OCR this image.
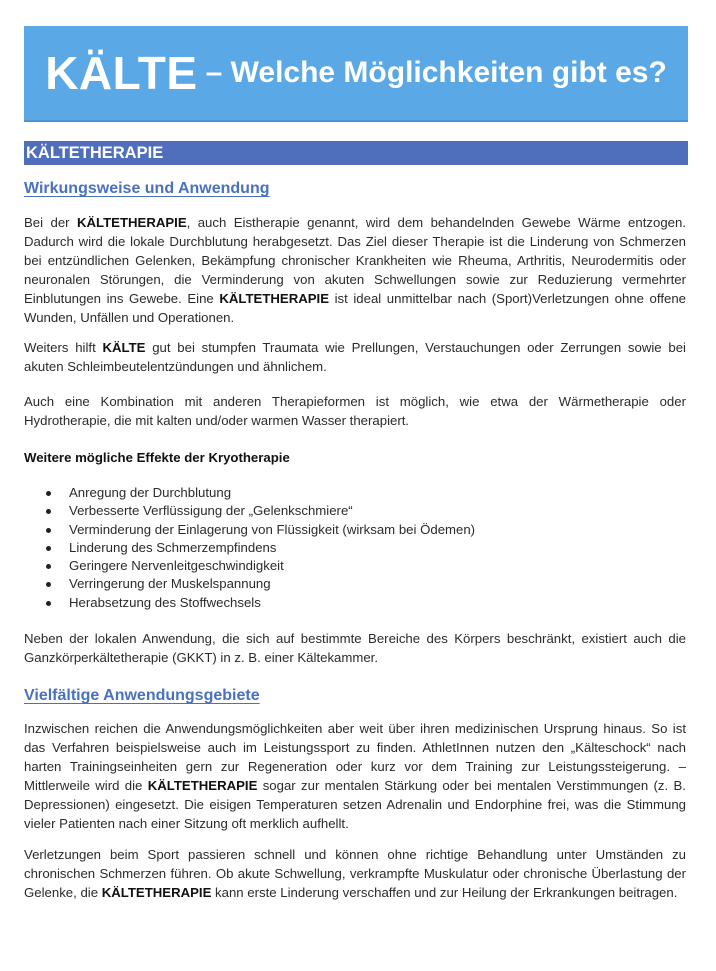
KÄLTE – Welche Möglichkeiten gibt es?
KÄLTETHERAPIE
Wirkungsweise und Anwendung
Bei der KÄLTETHERAPIE, auch Eistherapie genannt, wird dem behandelnden Gewebe Wärme entzogen. Dadurch wird die lokale Durchblutung herabgesetzt. Das Ziel dieser Therapie ist die Linderung von Schmerzen bei entzündlichen Gelenken, Bekämpfung chronischer Krankheiten wie Rheuma, Arthritis, Neurodermitis oder neuronalen Störungen, die Verminderung von akuten Schwellungen sowie zur Reduzierung vermehrter Einblutungen ins Gewebe. Eine KÄLTETHERAPIE ist ideal unmittelbar nach (Sport)Verletzungen ohne offene Wunden, Unfällen und Operationen.
Weiters hilft KÄLTE gut bei stumpfen Traumata wie Prellungen, Verstauchungen oder Zerrungen sowie bei akuten Schleimbeutelentzündungen und ähnlichem.
Auch eine Kombination mit anderen Therapieformen ist möglich, wie etwa der Wärmetherapie oder Hydrotherapie, die mit kalten und/oder warmen Wasser therapiert.
Weitere mögliche Effekte der Kryotherapie
Anregung der Durchblutung
Verbesserte Verflüssigung der „Gelenkschmiere“
Verminderung der Einlagerung von Flüssigkeit (wirksam bei Ödemen)
Linderung des Schmerzempfindens
Geringere Nervenleitgeschwindigkeit
Verringerung der Muskelspannung
Herabsetzung des Stoffwechsels
Neben der lokalen Anwendung, die sich auf bestimmte Bereiche des Körpers beschränkt, existiert auch die Ganzkörperkältetherapie (GKKT) in z. B. einer Kältekammer.
Vielfältige Anwendungsgebiete
Inzwischen reichen die Anwendungsmöglichkeiten aber weit über ihren medizinischen Ursprung hinaus. So ist das Verfahren beispielsweise auch im Leistungssport zu finden. AthletInnen nutzen den „Kälteschock“ nach harten Trainingseinheiten gern zur Regeneration oder kurz vor dem Training zur Leistungssteigerung. – Mittlerweile wird die KÄLTETHERAPIE sogar zur mentalen Stärkung oder bei mentalen Verstimmungen (z. B. Depressionen) eingesetzt. Die eisigen Temperaturen setzen Adrenalin und Endorphine frei, was die Stimmung vieler Patienten nach einer Sitzung oft merklich aufhellt.
Verletzungen beim Sport passieren schnell und können ohne richtige Behandlung unter Umständen zu chronischen Schmerzen führen. Ob akute Schwellung, verkrampfte Muskulatur oder chronische Überlastung der Gelenke, die KÄLTETHERAPIE kann erste Linderung verschaffen und zur Heilung der Erkrankungen beitragen.
